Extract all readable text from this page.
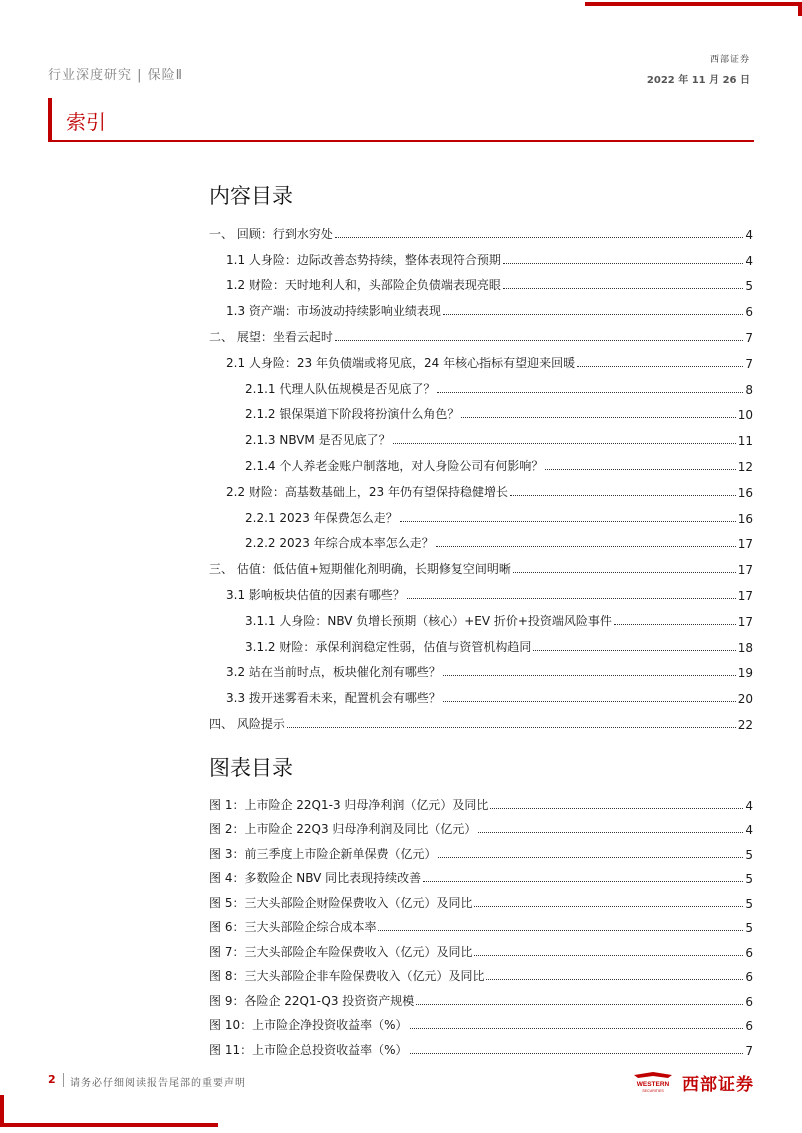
行业深度研究 | 保险Ⅱ
西部证券
2022 年 11 月 26 日
索引
内容目录
一、 回顾：行到水穷处	4
1.1 人身险：边际改善态势持续，整体表现符合预期	4
1.2 财险：天时地利人和，头部险企负债端表现亮眼	5
1.3 资产端：市场波动持续影响业绩表现	6
二、 展望：坐看云起时	7
2.1 人身险：23 年负债端或将见底，24 年核心指标有望迎来回暖	7
2.1.1 代理人队伍规模是否见底了？	8
2.1.2 银保渠道下阶段将扮演什么角色？	10
2.1.3 NBVM 是否见底了？	11
2.1.4 个人养老金账户制落地，对人身险公司有何影响？	12
2.2 财险：高基数基础上，23 年仍有望保持稳健增长	16
2.2.1 2023 年保费怎么走？	16
2.2.2 2023 年综合成本率怎么走？	17
三、 估值：低估值+短期催化剂明确，长期修复空间明晰	17
3.1 影响板块估值的因素有哪些？	17
3.1.1 人身险：NBV 负增长预期（核心）+EV 折价+投资端风险事件	17
3.1.2 财险：承保利润稳定性弱，估值与资管机构趋同	18
3.2 站在当前时点，板块催化剂有哪些？	19
3.3 拨开迷雾看未来，配置机会有哪些？	20
四、 风险提示	22
图表目录
图 1：上市险企 22Q1-3 归母净利润（亿元）及同比	4
图 2：上市险企 22Q3 归母净利润及同比（亿元）	4
图 3：前三季度上市险企新单保费（亿元）	5
图 4：多数险企 NBV 同比表现持续改善	5
图 5：三大头部险企财险保费收入（亿元）及同比	5
图 6：三大头部险企综合成本率	5
图 7：三大头部险企车险保费收入（亿元）及同比	6
图 8：三大头部险企非车险保费收入（亿元）及同比	6
图 9：各险企 22Q1-Q3 投资资产规模	6
图 10：上市险企净投资收益率（%）	6
图 11：上市险企总投资收益率（%）	7
2 请务必仔细阅读报告尾部的重要声明	WESTERN
SECURITIES 西部证券
